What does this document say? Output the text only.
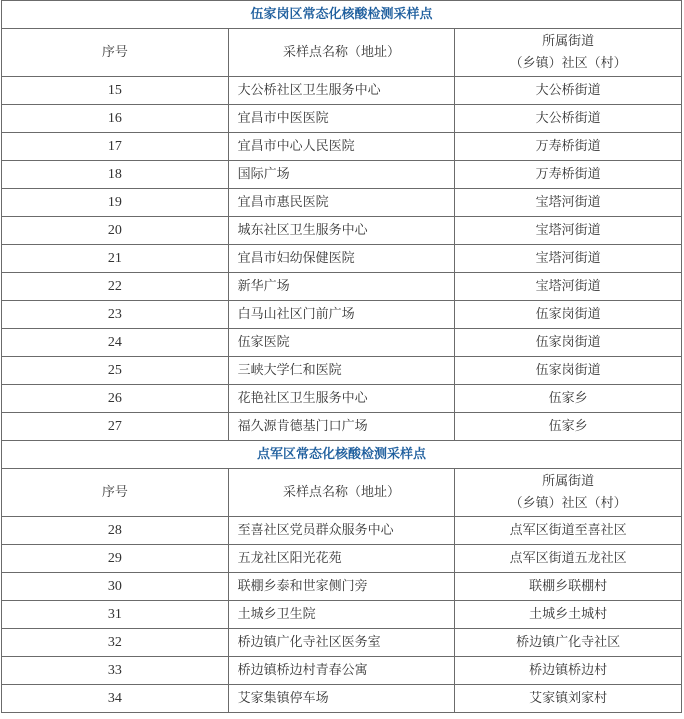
伍家岗区常态化核酸检测采样点		
序号	采样点名称（地址）	所属街道
（乡镇）社区（村）

15	大公桥社区卫生服务中心	大公桥街道
16	宜昌市中医医院	大公桥街道
17	宜昌市中心人民医院	万寿桥街道
18	国际广场	万寿桥街道
19	宜昌市惠民医院	宝塔河街道
20	城东社区卫生服务中心	宝塔河街道
21	宜昌市妇幼保健医院	宝塔河街道
22	新华广场	宝塔河街道
23	白马山社区门前广场	伍家岗街道
24	伍家医院	伍家岗街道
25	三峡大学仁和医院	伍家岗街道
26	花艳社区卫生服务中心	伍家乡
27	福久源肯德基门口广场	伍家乡
点军区常态化核酸检测采样点		
序号	采样点名称（地址）	所属街道
（乡镇）社区（村）

28	至喜社区党员群众服务中心	点军区街道至喜社区
29	五龙社区阳光花苑	点军区街道五龙社区
30	联棚乡泰和世家侧门旁	联棚乡联棚村
31	土城乡卫生院	土城乡土城村
32	桥边镇广化寺社区医务室	桥边镇广化寺社区
33	桥边镇桥边村青春公寓	桥边镇桥边村
34	艾家集镇停车场	艾家镇刘家村
